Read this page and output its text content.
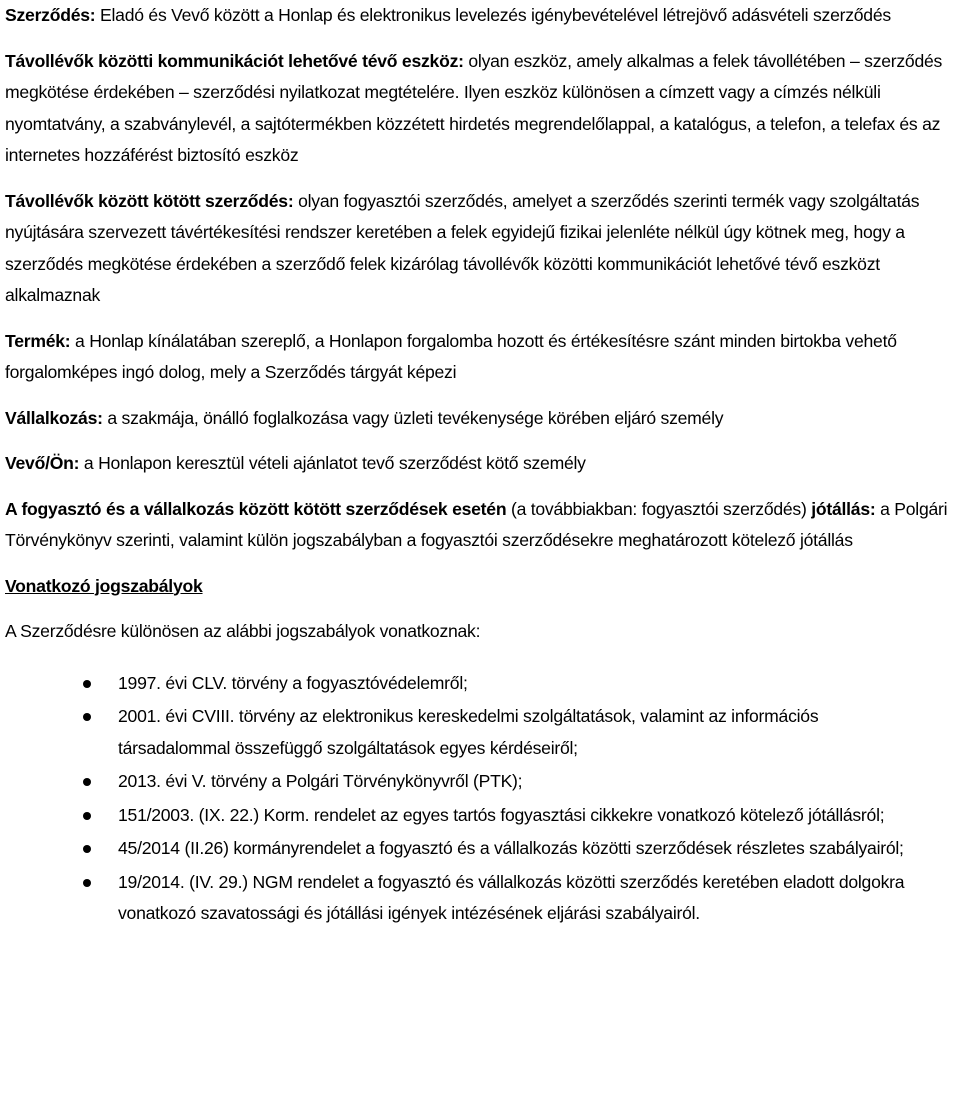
Szerződés: Eladó és Vevő között a Honlap és elektronikus levelezés igénybevételével létrejövő adásvételi szerződés

Távollévők közötti kommunikációt lehetővé tévő eszköz: olyan eszköz, amely alkalmas a felek távollétében – szerződés megkötése érdekében – szerződési nyilatkozat megtételére. Ilyen eszköz különösen a címzett vagy a címzés nélküli nyomtatvány, a szabványlevél, a sajtótermékben közzétett hirdetés megrendelőlappal, a katalógus, a telefon, a telefax és az internetes hozzáférést biztosító eszköz

Távollévők között kötött szerződés: olyan fogyasztói szerződés, amelyet a szerződés szerinti termék vagy szolgáltatás nyújtására szervezett távértékesítési rendszer keretében a felek egyidejű fizikai jelenléte nélkül úgy kötnek meg, hogy a szerződés megkötése érdekében a szerződő felek kizárólag távollévők közötti kommunikációt lehetővé tévő eszközt alkalmaznak

Termék: a Honlap kínálatában szereplő, a Honlapon forgalomba hozott és értékesítésre szánt minden birtokba vehető forgalomképes ingó dolog, mely a Szerződés tárgyát képezi

Vállalkozás: a szakmája, önálló foglalkozása vagy üzleti tevékenysége körében eljáró személy

Vevő/Ön: a Honlapon keresztül vételi ajánlatot tevő szerződést kötő személy

A fogyasztó és a vállalkozás között kötött szerződések esetén (a továbbiakban: fogyasztói szerződés) jótállás: a Polgári Törvénykönyv szerinti, valamint külön jogszabályban a fogyasztói szerződésekre meghatározott kötelező jótállás

Vonatkozó jogszabályok

A Szerződésre különösen az alábbi jogszabályok vonatkoznak:

1997. évi CLV. törvény a fogyasztóvédelemről;
2001. évi CVIII. törvény az elektronikus kereskedelmi szolgáltatások, valamint az információs társadalommal összefüggő szolgáltatások egyes kérdéseiről;
2013. évi V. törvény a Polgári Törvénykönyvről (PTK);
151/2003. (IX. 22.) Korm. rendelet az egyes tartós fogyasztási cikkekre vonatkozó kötelező jótállásról;
45/2014 (II.26) kormányrendelet a fogyasztó és a vállalkozás közötti szerződések részletes szabályairól;
19/2014. (IV. 29.) NGM rendelet a fogyasztó és vállalkozás közötti szerződés keretében eladott dolgokra vonatkozó szavatossági és jótállási igények intézésének eljárási szabályairól.
